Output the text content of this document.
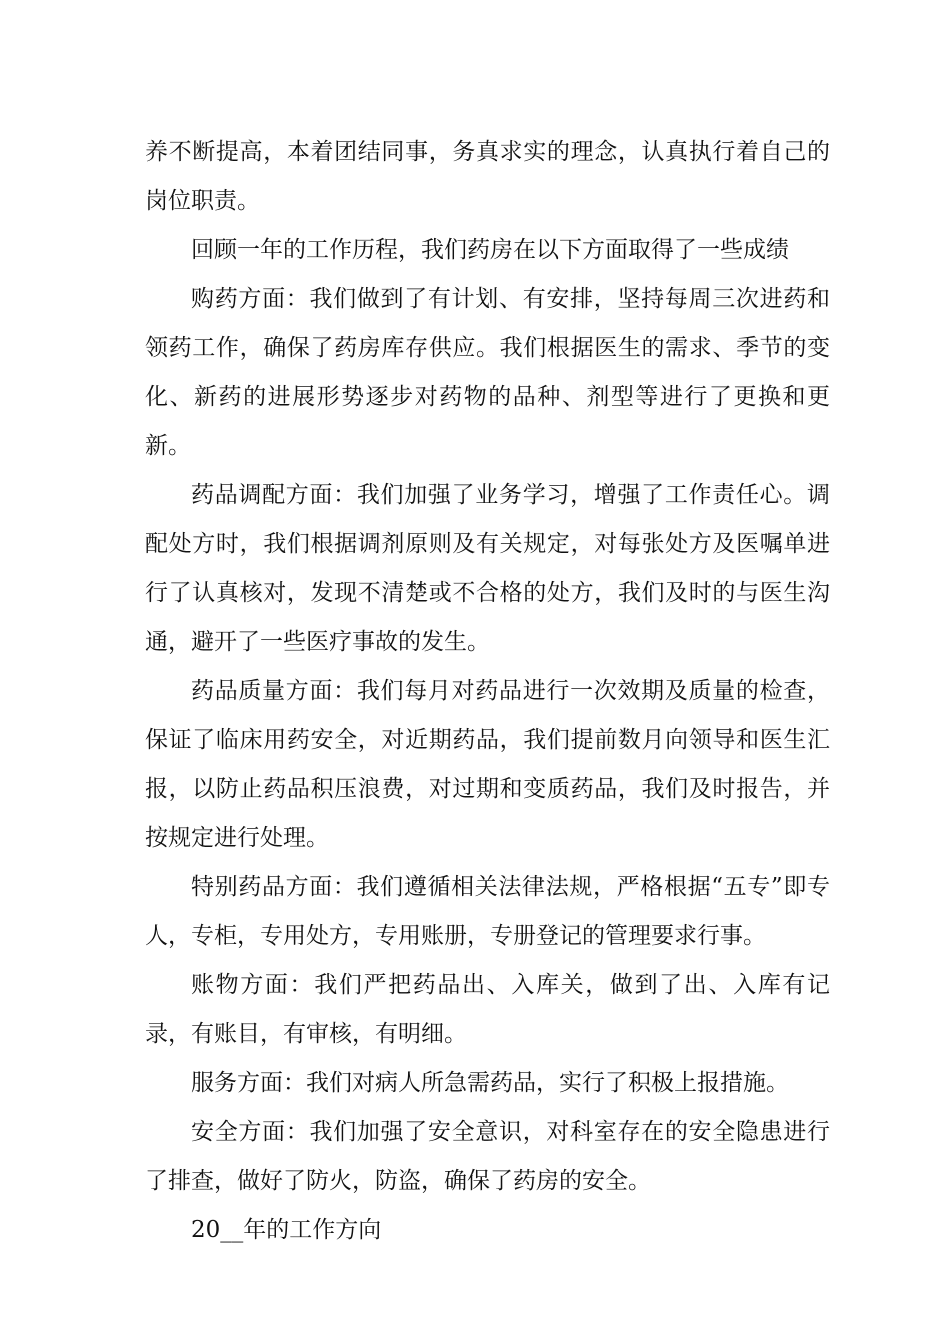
养不断提高，本着团结同事，务真求实的理念，认真执行着自己的岗位职责。

回顾一年的工作历程，我们药房在以下方面取得了一些成绩

购药方面：我们做到了有计划、有安排，坚持每周三次进药和领药工作，确保了药房库存供应。我们根据医生的需求、季节的变化、新药的进展形势逐步对药物的品种、剂型等进行了更换和更新。

药品调配方面：我们加强了业务学习，增强了工作责任心。调配处方时，我们根据调剂原则及有关规定，对每张处方及医嘱单进行了认真核对，发现不清楚或不合格的处方，我们及时的与医生沟通，避开了一些医疗事故的发生。

药品质量方面：我们每月对药品进行一次效期及质量的检查，保证了临床用药安全，对近期药品，我们提前数月向领导和医生汇报，以防止药品积压浪费，对过期和变质药品，我们及时报告，并按规定进行处理。

特别药品方面：我们遵循相关法律法规，严格根据“五专”即专人，专柜，专用处方，专用账册，专册登记的管理要求行事。

账物方面：我们严把药品出、入库关，做到了出、入库有记录，有账目，有审核，有明细。

服务方面：我们对病人所急需药品，实行了积极上报措施。

安全方面：我们加强了安全意识，对科室存在的安全隐患进行了排查，做好了防火，防盗，确保了药房的安全。

20__年的工作方向
